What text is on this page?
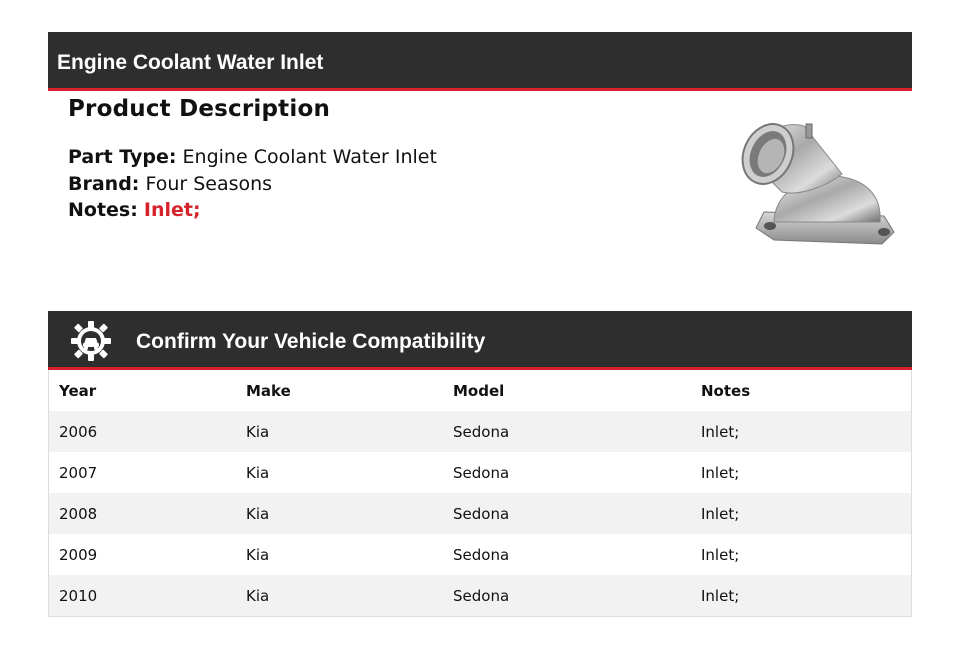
Engine Coolant Water Inlet
Product Description
Part Type: Engine Coolant Water Inlet
Brand: Four Seasons
Notes: Inlet;
Confirm Your Vehicle Compatibility
Year	Make	Model	Notes
2006	Kia	Sedona	Inlet;
2007	Kia	Sedona	Inlet;
2008	Kia	Sedona	Inlet;
2009	Kia	Sedona	Inlet;
2010	Kia	Sedona	Inlet;
